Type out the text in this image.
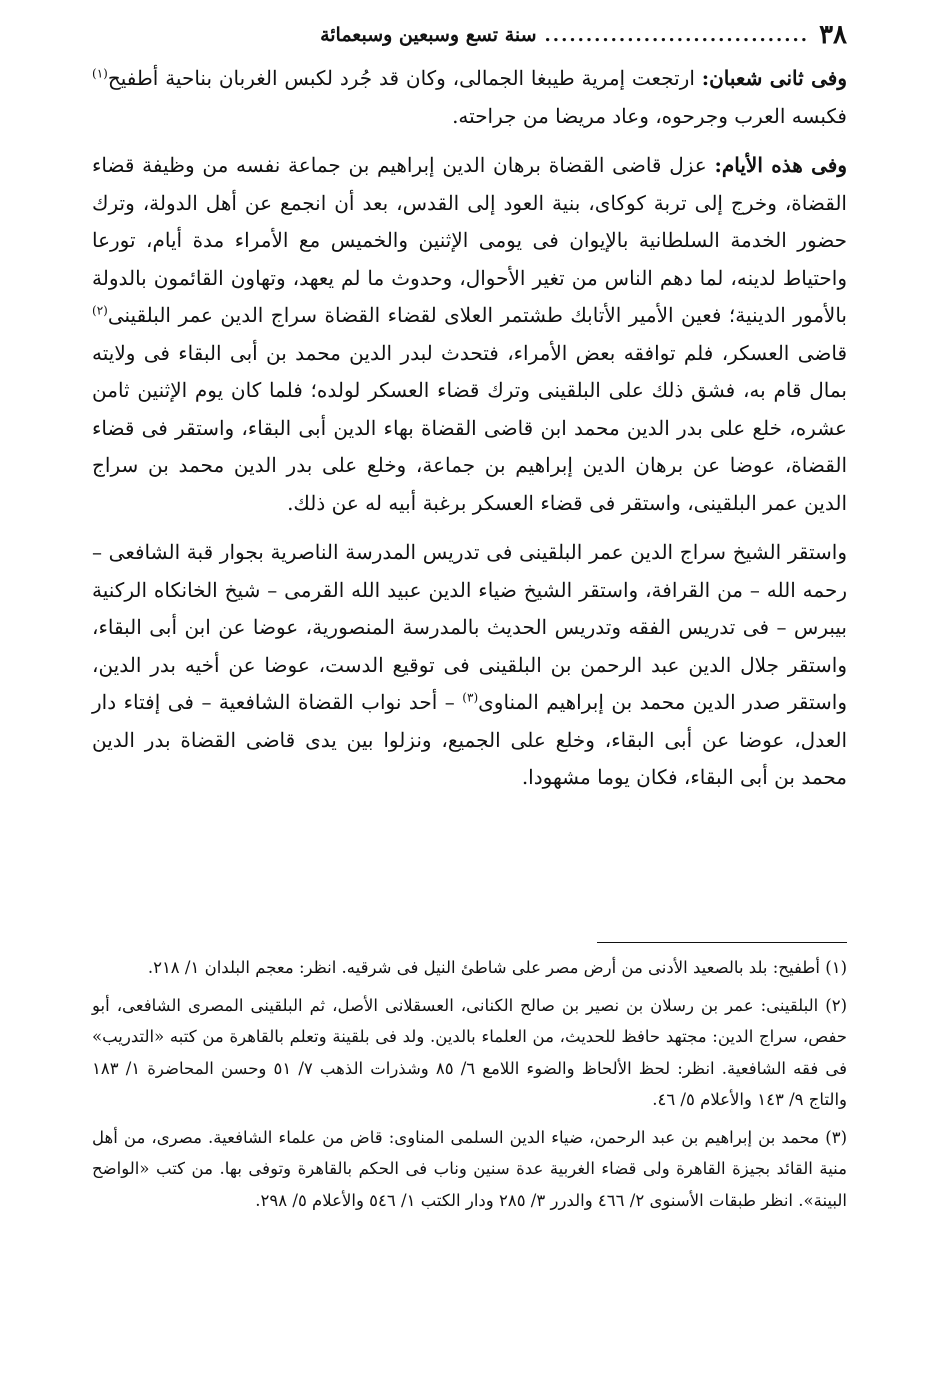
٣٨
................................
سنة تسع وسبعين وسبعمائة

وفى ثانى شعبان: ارتجعت إمرية طيبغا الجمالى، وكان قد جُرد لكبس الغربان بناحية أطفيح$^{(١)}$ فكبسه العرب وجرحوه، وعاد مريضا من جراحته.

وفى هذه الأيام: عزل قاضى القضاة برهان الدين إبراهيم بن جماعة نفسه من وظيفة قضاء القضاة، وخرج إلى تربة كوكاى، بنية العود إلى القدس، بعد أن انجمع عن أهل الدولة، وترك حضور الخدمة السلطانية بالإيوان فى يومى الإثنين والخميس مع الأمراء مدة أيام، تورعا واحتياط لدينه، لما دهم الناس من تغير الأحوال، وحدوث ما لم يعهد، وتهاون القائمون بالدولة بالأمور الدينية؛ فعين الأمير الأتابك طشتمر العلاى لقضاء القضاة سراج الدين عمر البلقينى$^{(٢)}$ قاضى العسكر، فلم توافقه بعض الأمراء، فتحدث لبدر الدين محمد بن أبى البقاء فى ولايته بمال قام به، فشق ذلك على البلقينى وترك قضاء العسكر لولده؛ فلما كان يوم الإثنين ثامن عشره، خلع على بدر الدين محمد ابن قاضى القضاة بهاء الدين أبى البقاء، واستقر فى قضاء القضاة، عوضا عن برهان الدين إبراهيم بن جماعة، وخلع على بدر الدين محمد بن سراج الدين عمر البلقينى، واستقر فى قضاء العسكر برغبة أبيه له عن ذلك.

واستقر الشيخ سراج الدين عمر البلقينى فى تدريس المدرسة الناصرية بجوار قبة الشافعى – رحمه الله – من القرافة، واستقر الشيخ ضياء الدين عبيد الله القرمى – شيخ الخانكاه الركنية بيبرس – فى تدريس الفقه وتدريس الحديث بالمدرسة المنصورية، عوضا عن ابن أبى البقاء، واستقر جلال الدين عبد الرحمن بن البلقينى فى توقيع الدست، عوضا عن أخيه بدر الدين، واستقر صدر الدين محمد بن إبراهيم المناوى$^{(٣)}$ – أحد نواب القضاة الشافعية – فى إفتاء دار العدل، عوضا عن أبى البقاء، وخلع على الجميع، ونزلوا بين يدى قاضى القضاة بدر الدين محمد بن أبى البقاء، فكان يوما مشهودا.

(١) أطفيح: بلد بالصعيد الأدنى من أرض مصر على شاطئ النيل فى شرقيه. انظر: معجم البلدان ١/ ٢١٨.

(٢) البلقينى: عمر بن رسلان بن نصير بن صالح الكنانى، العسقلانى الأصل، ثم البلقينى المصرى الشافعى، أبو حفص، سراج الدين: مجتهد حافظ للحديث، من العلماء بالدين. ولد فى بلقينة وتعلم بالقاهرة من كتبه «التدريب» فى فقه الشافعية. انظر: لحظ الألحاظ والضوء اللامع ٦/ ٨٥ وشذرات الذهب ٧/ ٥١ وحسن المحاضرة ١/ ١٨٣ والتاج ٩/ ١٤٣ والأعلام ٥/ ٤٦.

(٣) محمد بن إبراهيم بن عبد الرحمن، ضياء الدين السلمى المناوى: قاض من علماء الشافعية. مصرى، من أهل منية القائد بجيزة القاهرة ولى قضاء الغربية عدة سنين وناب فى الحكم بالقاهرة وتوفى بها. من كتب «الواضح البينة». انظر طبقات الأسنوى ٢/ ٤٦٦ والدرر ٣/ ٢٨٥ ودار الكتب ١/ ٥٤٦ والأعلام ٥/ ٢٩٨.
